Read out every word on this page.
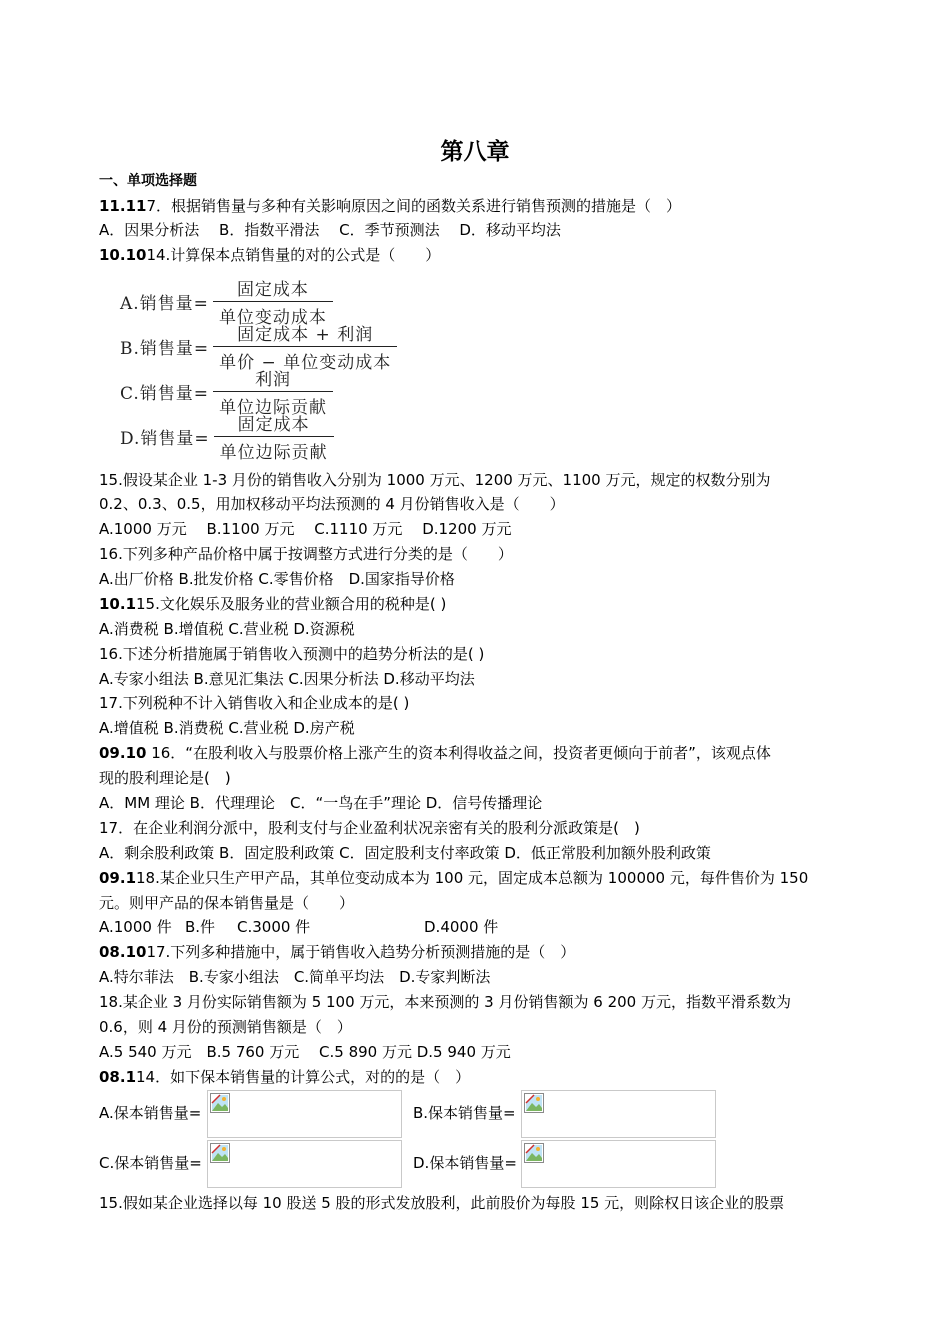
第八章
一、单项选择题
11.117．根据销售量与多种有关影响原因之间的函数关系进行销售预测的措施是（　）
A．因果分析法　 B．指数平滑法　 C．季节预测法　 D．移动平均法
10.1014.计算保本点销售量的对的公式是（　　）
A.销售量= $\frac{\text{固定成本}}{\text{单位变动成本}}$
B.销售量= $\frac{\text{固定成本 + 利润}}{\text{单价 − 单位变动成本}}$
C.销售量= $\frac{\text{利润}}{\text{单位边际贡献}}$
D.销售量= $\frac{\text{固定成本}}{\text{单位边际贡献}}$
15.假设某企业 1-3 月份的销售收入分别为 1000 万元、1200 万元、1100 万元，规定的权数分别为
0.2、0.3、0.5，用加权移动平均法预测的 4 月份销售收入是（　　）
A.1000 万元　 B.1100 万元　 C.1110 万元　 D.1200 万元
16.下列多种产品价格中属于按调整方式进行分类的是（　　）
A.出厂价格 B.批发价格 C.零售价格　D.国家指导价格
10.115.文化娱乐及服务业的营业额合用的税种是( )
A.消费税 B.增值税 C.营业税 D.资源税
16.下述分析措施属于销售收入预测中的趋势分析法的是( )
A.专家小组法 B.意见汇集法 C.因果分析法 D.移动平均法
17.下列税种不计入销售收入和企业成本的是( )
A.增值税 B.消费税 C.营业税 D.房产税
09.10 16．“在股利收入与股票价格上涨产生的资本利得收益之间，投资者更倾向于前者”，该观点体
现的股利理论是(　)
A．MM 理论 B．代理理论　C．“一鸟在手”理论 D．信号传播理论
17．在企业利润分派中，股利支付与企业盈利状况亲密有关的股利分派政策是(　)
A．剩余股利政策 B．固定股利政策 C．固定股利支付率政策 D．低正常股利加额外股利政策
09.118.某企业只生产甲产品，其单位变动成本为 100 元，固定成本总额为 100000 元，每件售价为 150
元。则甲产品的保本销售量是（　　）
A.1000 件 B.件 C.3000 件	D.4000 件
08.1017.下列多种措施中，属于销售收入趋势分析预测措施的是（　）
A.特尔菲法　B.专家小组法　C.简单平均法　D.专家判断法
18.某企业 3 月份实际销售额为 5 100 万元，本来预测的 3 月份销售额为 6 200 万元，指数平滑系数为
0.6，则 4 月份的预测销售额是（　）
A.5 540 万元　B.5 760 万元　 C.5 890 万元 D.5 940 万元
08.114．如下保本销售量的计算公式，对的的是（　）
A.保本销售量=	B.保本销售量=
C.保本销售量=	D.保本销售量=
15.假如某企业选择以每 10 股送 5 股的形式发放股利，此前股价为每股 15 元，则除权日该企业的股票
